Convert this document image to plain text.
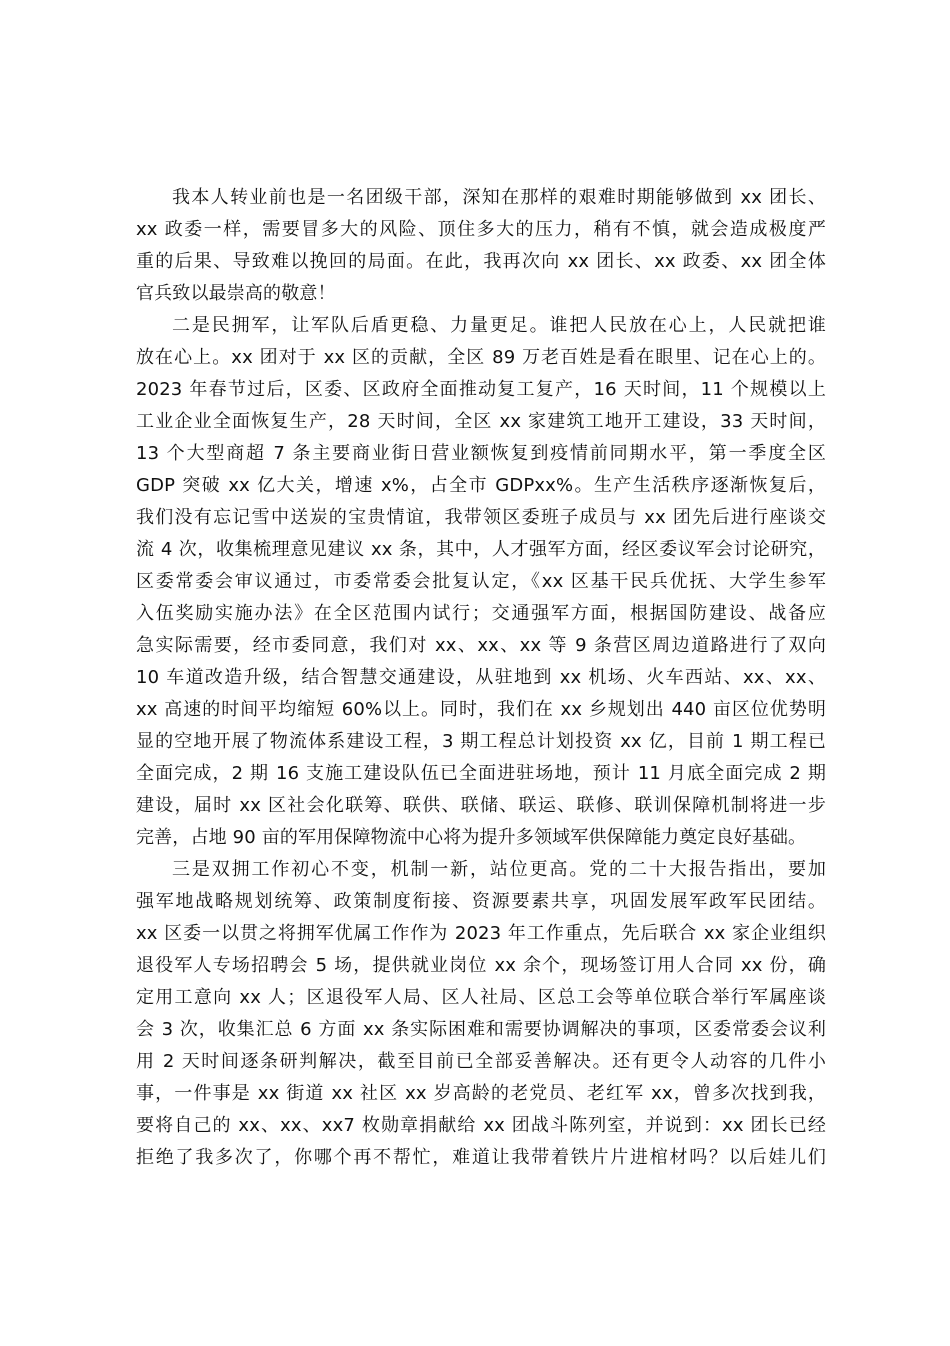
我本人转业前也是一名团级干部，深知在那样的艰难时期能够做到 xx 团长、
xx 政委一样，需要冒多大的风险、顶住多大的压力，稍有不慎，就会造成极度严
重的后果、导致难以挽回的局面。在此，我再次向 xx 团长、xx 政委、xx 团全体
官兵致以最崇高的敬意！
二是民拥军，让军队后盾更稳、力量更足。谁把人民放在心上，人民就把谁
放在心上。xx 团对于 xx 区的贡献，全区 89 万老百姓是看在眼里、记在心上的。
2023 年春节过后，区委、区政府全面推动复工复产，16 天时间，11 个规模以上
工业企业全面恢复生产，28 天时间，全区 xx 家建筑工地开工建设，33 天时间，
13 个大型商超 7 条主要商业街日营业额恢复到疫情前同期水平，第一季度全区
GDP 突破 xx 亿大关，增速 x%，占全市 GDPxx%。生产生活秩序逐渐恢复后，
我们没有忘记雪中送炭的宝贵情谊，我带领区委班子成员与 xx 团先后进行座谈交
流 4 次，收集梳理意见建议 xx 条，其中，人才强军方面，经区委议军会讨论研究，
区委常委会审议通过，市委常委会批复认定，《xx 区基干民兵优抚、大学生参军
入伍奖励实施办法》在全区范围内试行；交通强军方面，根据国防建设、战备应
急实际需要，经市委同意，我们对 xx、xx、xx 等 9 条营区周边道路进行了双向
10 车道改造升级，结合智慧交通建设，从驻地到 xx 机场、火车西站、xx、xx、
xx 高速的时间平均缩短 60%以上。同时，我们在 xx 乡规划出 440 亩区位优势明
显的空地开展了物流体系建设工程，3 期工程总计划投资 xx 亿，目前 1 期工程已
全面完成，2 期 16 支施工建设队伍已全面进驻场地，预计 11 月底全面完成 2 期
建设，届时 xx 区社会化联筹、联供、联储、联运、联修、联训保障机制将进一步
完善，占地 90 亩的军用保障物流中心将为提升多领域军供保障能力奠定良好基础。
三是双拥工作初心不变，机制一新，站位更高。党的二十大报告指出，要加
强军地战略规划统筹、政策制度衔接、资源要素共享，巩固发展军政军民团结。
xx 区委一以贯之将拥军优属工作作为 2023 年工作重点，先后联合 xx 家企业组织
退役军人专场招聘会 5 场，提供就业岗位 xx 余个，现场签订用人合同 xx 份，确
定用工意向 xx 人；区退役军人局、区人社局、区总工会等单位联合举行军属座谈
会 3 次，收集汇总 6 方面 xx 条实际困难和需要协调解决的事项，区委常委会议利
用 2 天时间逐条研判解决，截至目前已全部妥善解决。还有更令人动容的几件小
事，一件事是 xx 街道 xx 社区 xx 岁高龄的老党员、老红军 xx，曾多次找到我，
要将自己的 xx、xx、xx7 枚勋章捐献给 xx 团战斗陈列室，并说到：xx 团长已经
拒绝了我多次了，你哪个再不帮忙，难道让我带着铁片片进棺材吗？以后娃儿们
